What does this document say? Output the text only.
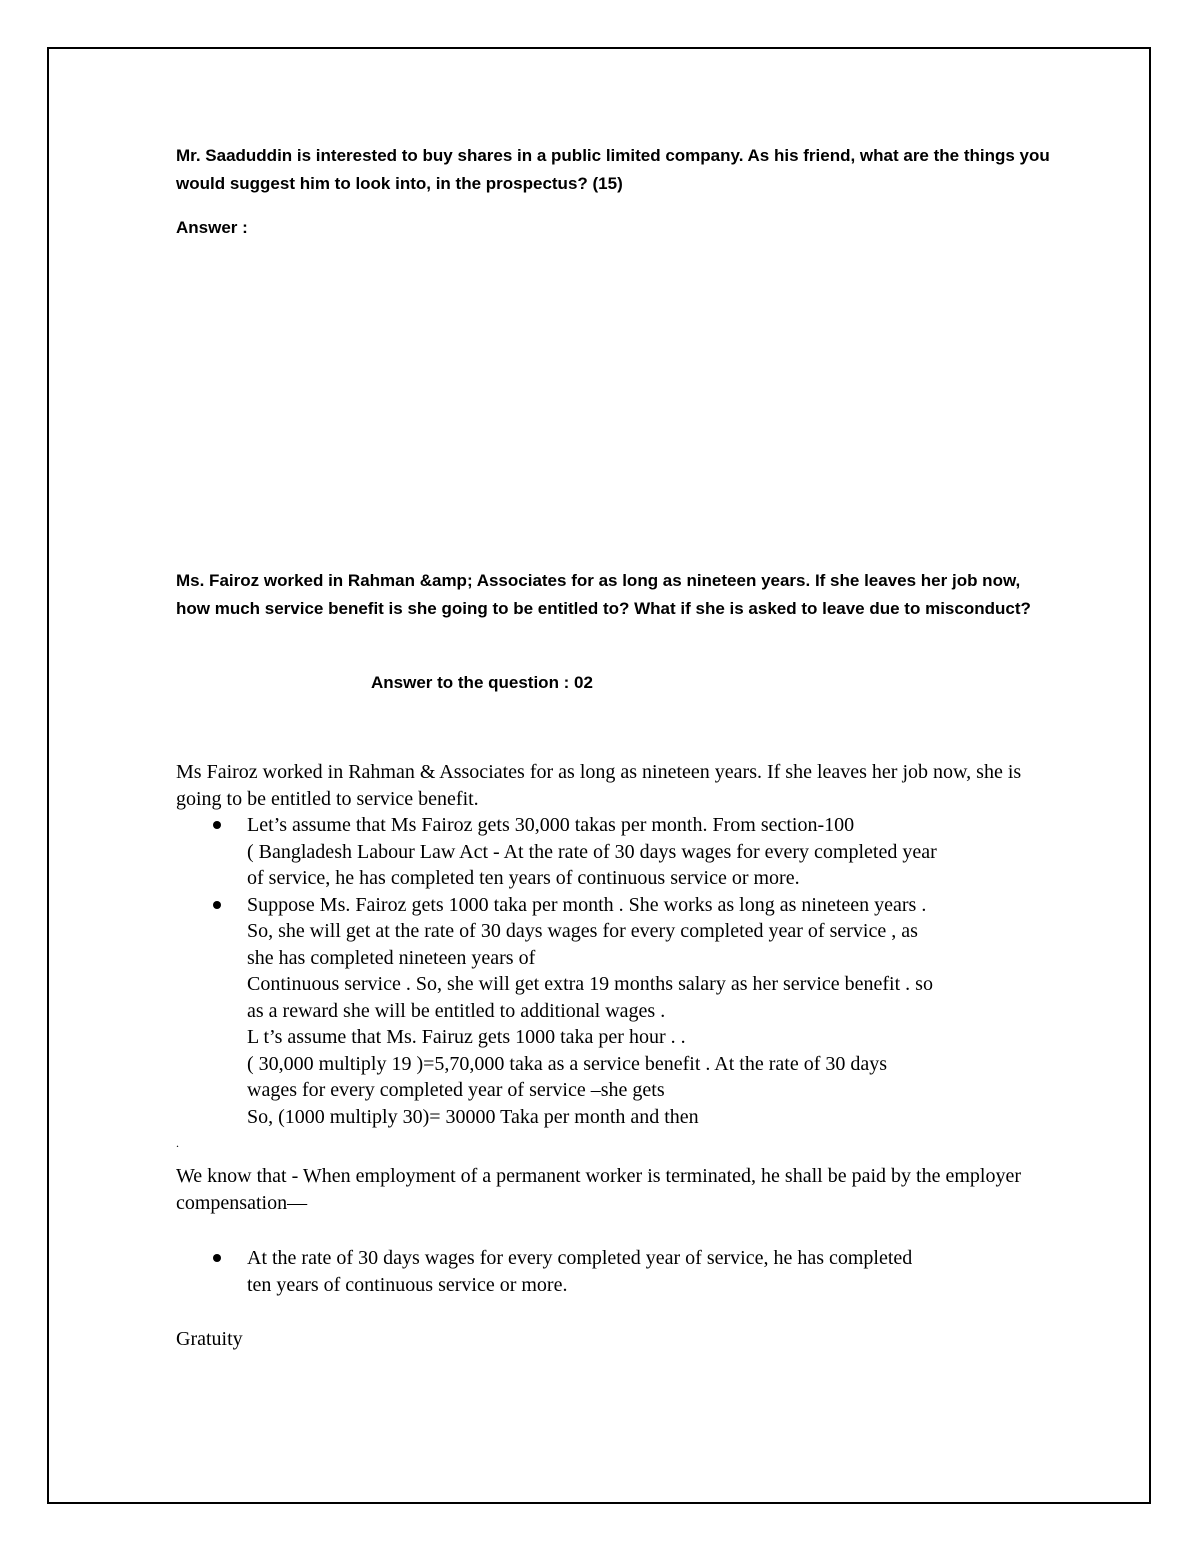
Mr. Saaduddin is interested to buy shares in a public limited company. As his friend, what are the things you would suggest him to look into, in the prospectus? (15)

Answer :

Ms. Fairoz worked in Rahman &amp; Associates for as long as nineteen years. If she leaves her job now, how much service benefit is she going to be entitled to? What if she is asked to leave due to misconduct?

Answer to the question : 02

Ms Fairoz worked in Rahman & Associates for as long as nineteen years. If she leaves her job now, she is going to be entitled to service benefit.

Let’s assume that Ms Fairoz gets 30,000 takas per month. From section-100
( Bangladesh Labour Law Act - At the rate of 30 days wages for every completed year
of service, he has completed ten years of continuous service or more.
Suppose Ms. Fairoz gets 1000 taka per month . She works as long as nineteen years .
So, she will get at the rate of 30 days wages for every completed year of service , as
she has completed nineteen years of
Continuous service . So, she will get extra 19 months salary as her service benefit . so
as a reward she will be entitled to additional wages .
L t’s assume that Ms. Fairuz gets 1000 taka per hour . .
( 30,000 multiply 19 )=5,70,000 taka as a service benefit . At the rate of 30 days
wages for every completed year of service –she gets
So, (1000 multiply 30)= 30000 Taka per month and then

.

We know that - When employment of a permanent worker is terminated, he shall be paid by the employer compensation—

At the rate of 30 days wages for every completed year of service, he has completed
ten years of continuous service or more.

Gratuity
